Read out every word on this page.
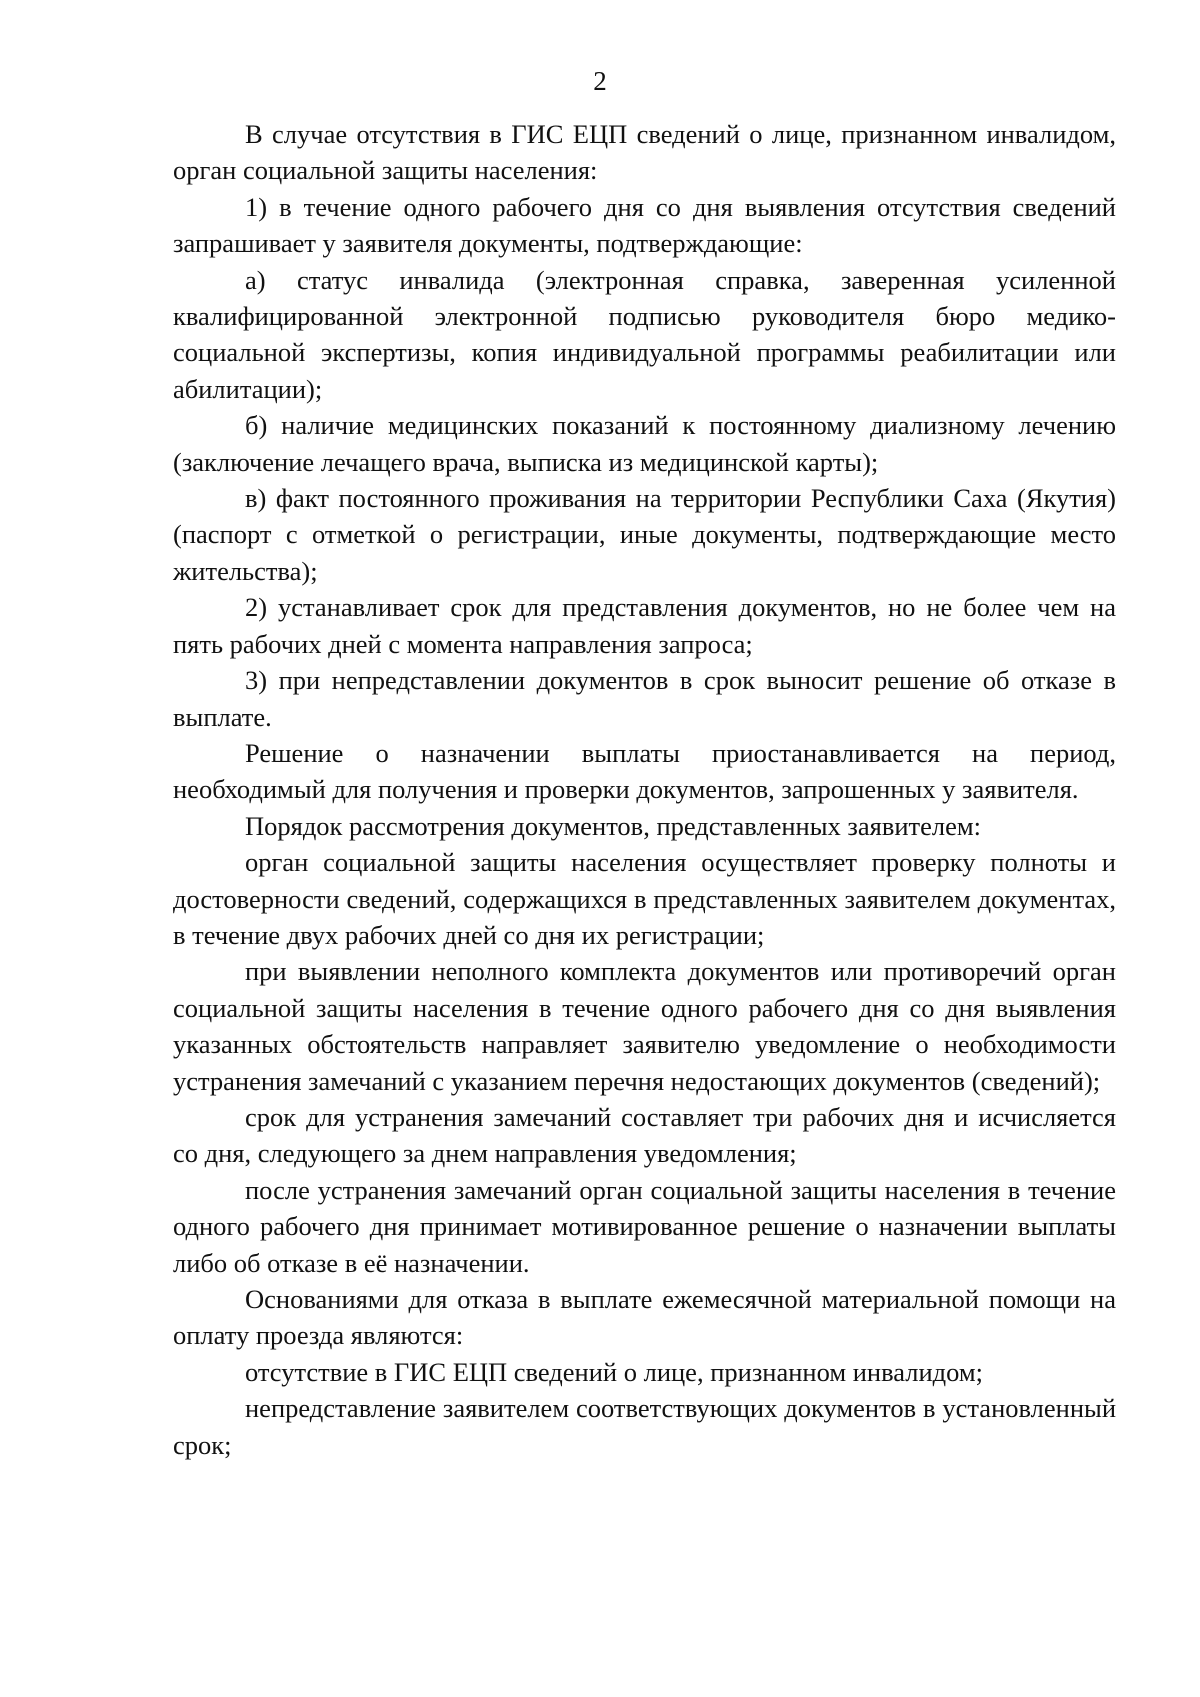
2

В случае отсутствия в ГИС ЕЦП сведений о лице, признанном инвалидом, орган социальной защиты населения:

1) в течение одного рабочего дня со дня выявления отсутствия сведений запрашивает у заявителя документы, подтверждающие:

а) статус инвалида (электронная справка, заверенная усиленной квалифицированной электронной подписью руководителя бюро медико-социальной экспертизы, копия индивидуальной программы реабилитации или абилитации);

б) наличие медицинских показаний к постоянному диализному лечению (заключение лечащего врача, выписка из медицинской карты);

в) факт постоянного проживания на территории Республики Саха (Якутия) (паспорт с отметкой о регистрации, иные документы, подтверждающие место жительства);

2) устанавливает срок для представления документов, но не более чем на пять рабочих дней с момента направления запроса;

3) при непредставлении документов в срок выносит решение об отказе в выплате.

Решение о назначении выплаты приостанавливается на период, необходимый для получения и проверки документов, запрошенных у заявителя.

Порядок рассмотрения документов, представленных заявителем:

орган социальной защиты населения осуществляет проверку полноты и достоверности сведений, содержащихся в представленных заявителем документах, в течение двух рабочих дней со дня их регистрации;

при выявлении неполного комплекта документов или противоречий орган социальной защиты населения в течение одного рабочего дня со дня выявления указанных обстоятельств направляет заявителю уведомление о необходимости устранения замечаний с указанием перечня недостающих документов (сведений);

срок для устранения замечаний составляет три рабочих дня и исчисляется со дня, следующего за днем направления уведомления;

после устранения замечаний орган социальной защиты населения в течение одного рабочего дня принимает мотивированное решение о назначении выплаты либо об отказе в её назначении.

Основаниями для отказа в выплате ежемесячной материальной помощи на оплату проезда являются:

отсутствие в ГИС ЕЦП сведений о лице, признанном инвалидом;

непредставление заявителем соответствующих документов в установленный срок;
